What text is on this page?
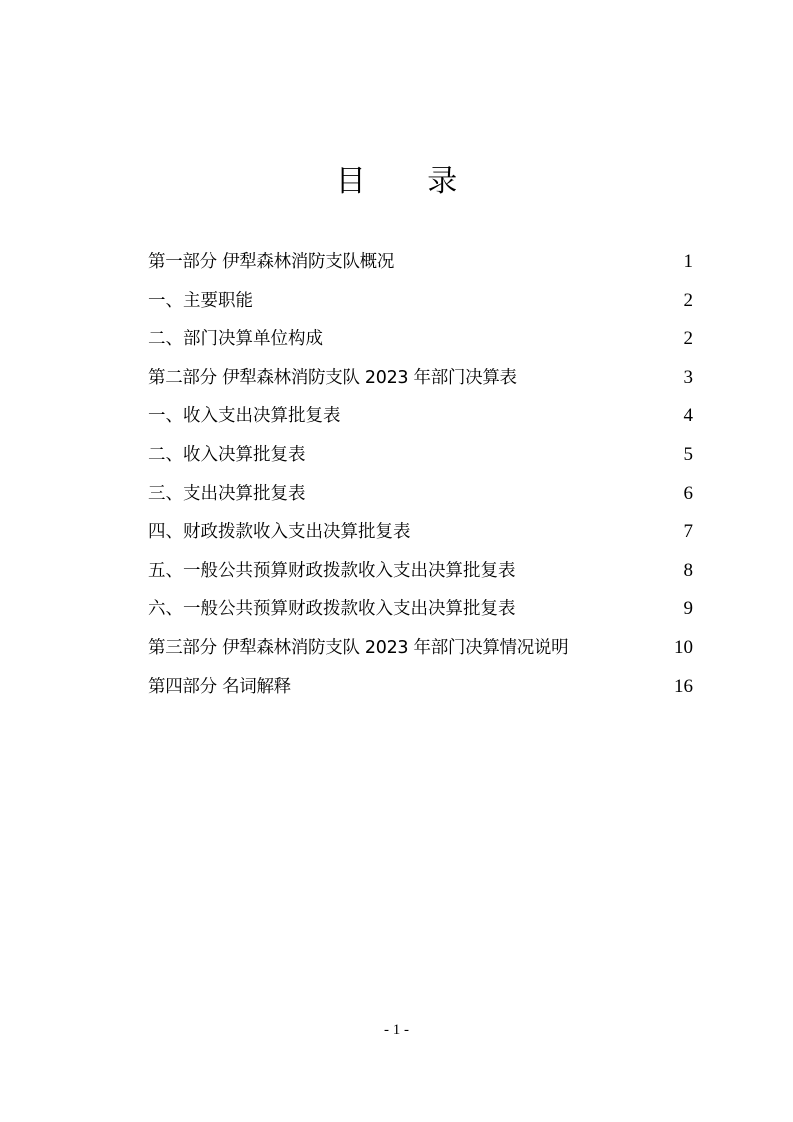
目 录
第一部分 伊犁森林消防支队概况	1
一、主要职能	2
二、部门决算单位构成	2
第二部分 伊犁森林消防支队 2023 年部门决算表	3
一、收入支出决算批复表	4
二、收入决算批复表	5
三、支出决算批复表	6
四、财政拨款收入支出决算批复表	7
五、一般公共预算财政拨款收入支出决算批复表	8
六、一般公共预算财政拨款收入支出决算批复表	9
第三部分 伊犁森林消防支队 2023 年部门决算情况说明	10
第四部分 名词解释	16
- 1 -
